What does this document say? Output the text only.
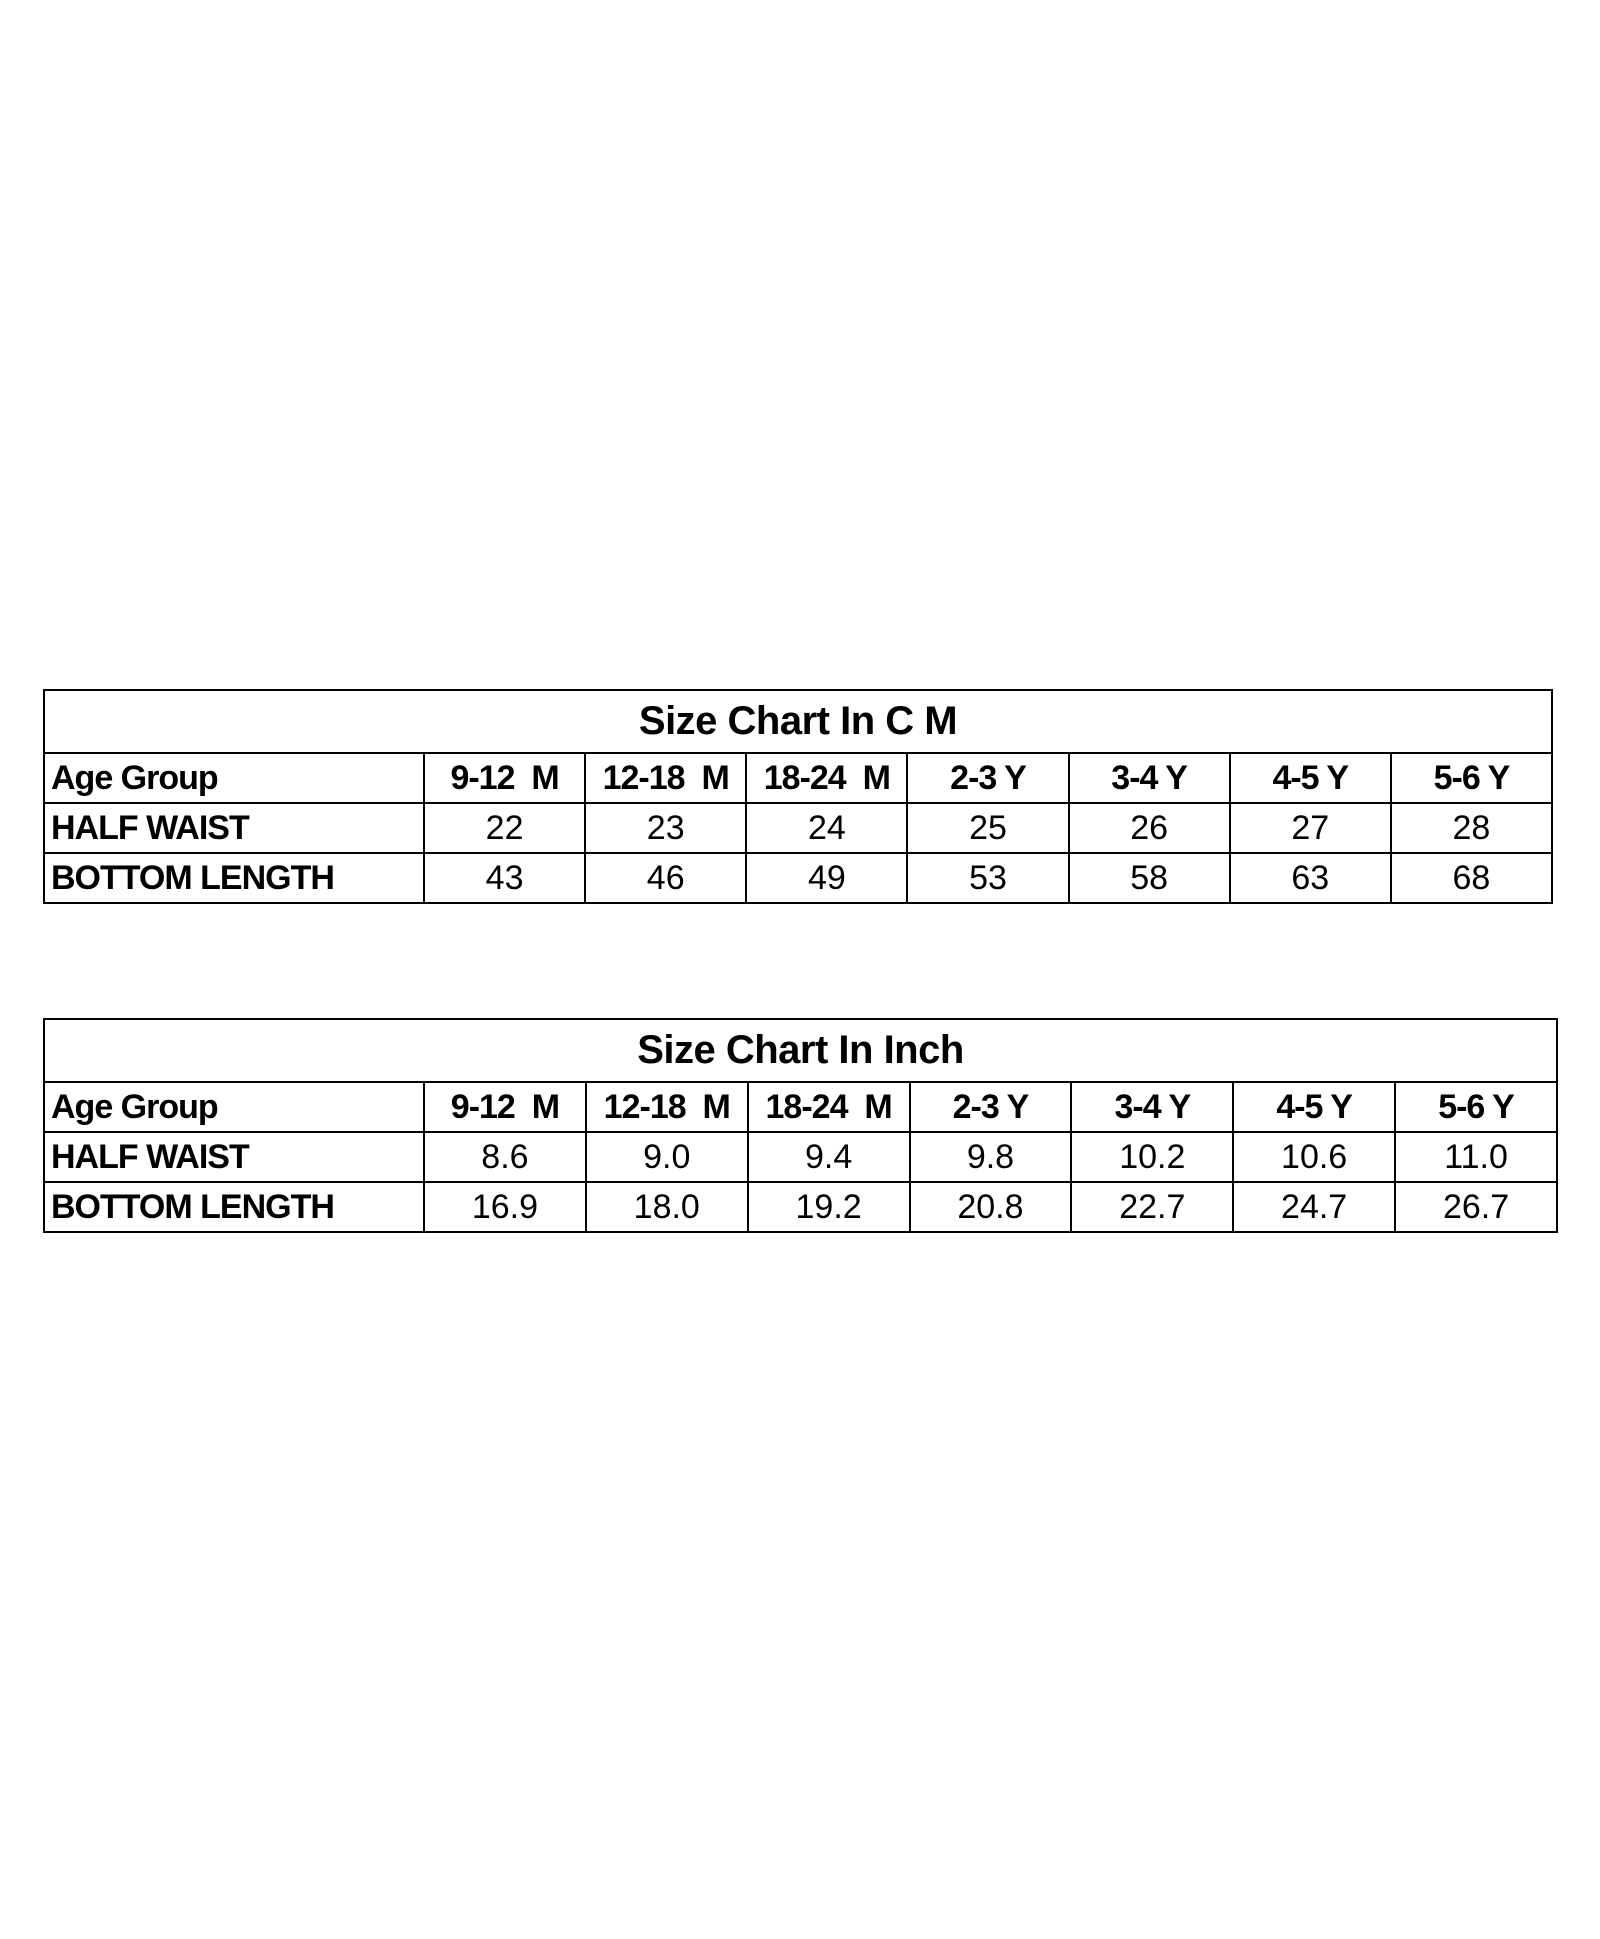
Size Chart In C M							
Age Group	9-12  M	12-18  M	18-24  M	2-3 Y	3-4 Y	4-5 Y	5-6 Y
HALF WAIST	22	23	24	25	26	27	28
BOTTOM LENGTH	43	46	49	53	58	63	68
Size Chart In Inch							
Age Group	9-12  M	12-18  M	18-24  M	2-3 Y	3-4 Y	4-5 Y	5-6 Y
HALF WAIST	8.6	9.0	9.4	9.8	10.2	10.6	11.0
BOTTOM LENGTH	16.9	18.0	19.2	20.8	22.7	24.7	26.7
